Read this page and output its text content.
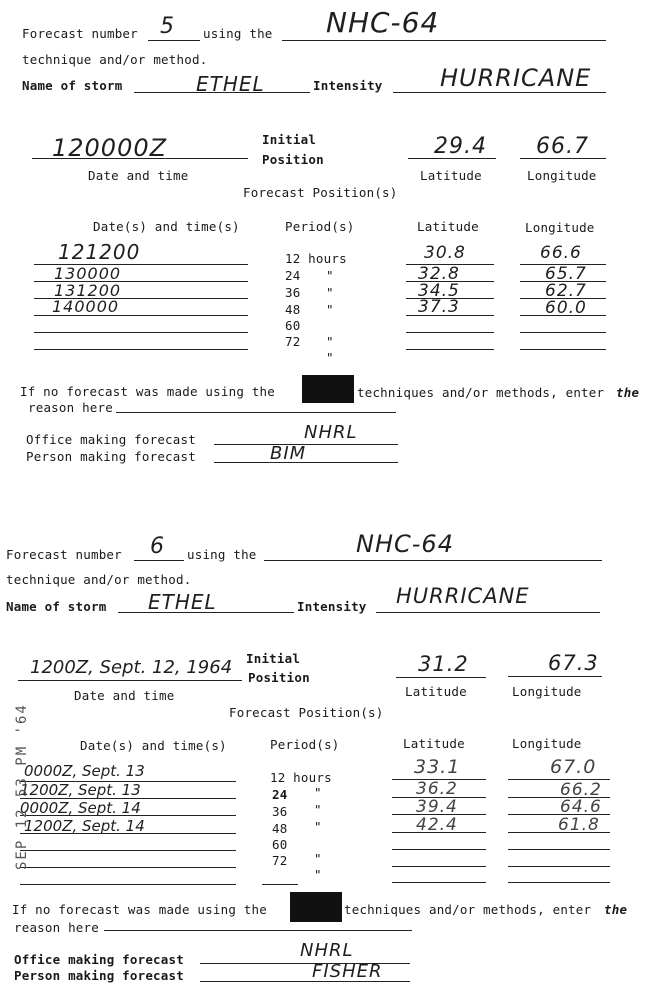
Forecast number 5 using the NHC-64
technique and/or method.
Name of storm	ETHEL	Intensity HURRICANE
120000Z	Initial
Position
29.4 66.7
Date and time	Latitude	Longitude
Forecast Position(s)
Date(s) and time(s)	Period(s)	Latitude	Longitude
121200	12 hours	30.8	66.6
130000	24 "	32.8	65.7
131200	36 "	34.5	62.7
140000	48 "	37.3	60.0
60
72 "
"
If no forecast was made using the	techniques and/or methods, enter the
reason here
Office making forecast	NHRL
Person making forecast	BIM
Forecast number 6 using the	NHC-64
technique and/or method.
Name of storm ETHEL	Intensity HURRICANE
1200Z, Sept. 12, 1964 Initial
Position
31.2	67.3
Date and time	Latitude	Longitude
Forecast Position(s)
Date(s) and time(s)	Period(s)	Latitude	Longitude
0000Z, Sept. 13	12 hours	33.1	67.0
1200Z, Sept. 13	24 "	36.2	66.2
0000Z, Sept. 14	36 "	39.4	64.6
1200Z, Sept. 14	48 "	42.4	61.8
60
72 "
"
If no forecast was made using the	techniques and/or methods, enter the
reason here
Office making forecast	NHRL
Person making forecast	FISHER
SEP 12 53 PM '64
